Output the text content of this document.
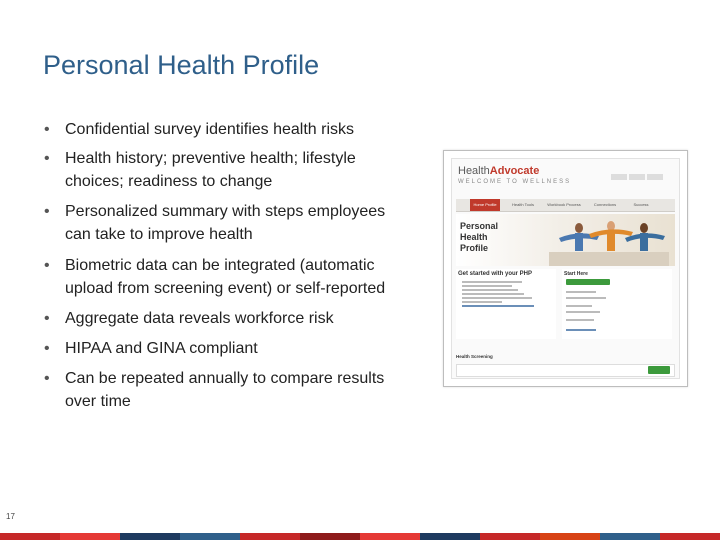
Personal Health Profile
• Confidential survey identifies health risks
• Health history; preventive health; lifestyle choices; readiness to change
• Personalized summary with steps employees can take to improve health
• Biometric data can be integrated (automatic upload from screening event) or self-reported
• Aggregate data reveals workforce risk
• HIPAA and GINA compliant
• Can be repeated annually to compare results over time
HealthAdvocate
WELCOME TO WELLNESS
Home Profile	Health Tools	Workbook Process	Connections	Success
Personal Health Profile
Get started with your PHP	Start Here
Health Screening
17
